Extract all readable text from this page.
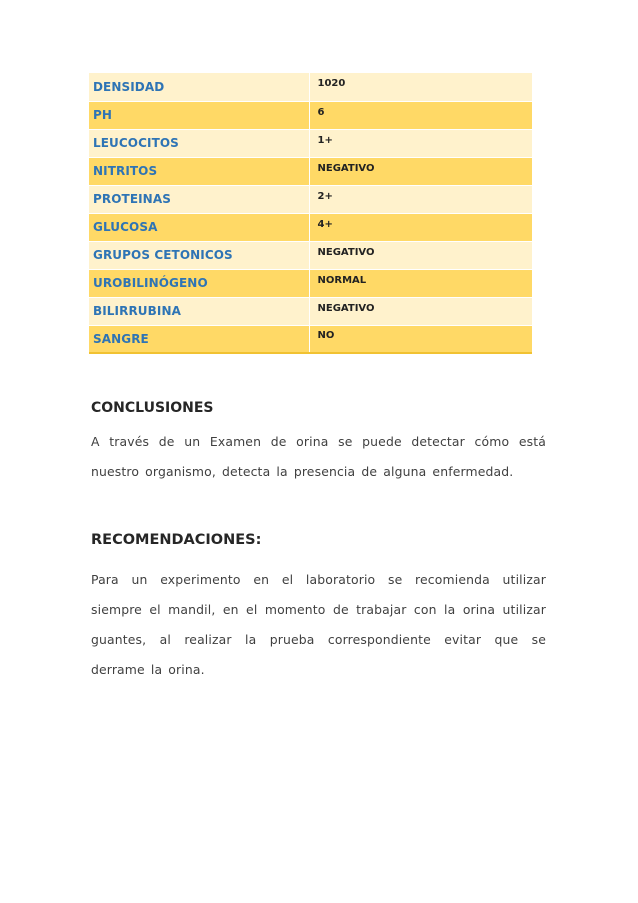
DENSIDAD	1020
PH	6
LEUCOCITOS	1+
NITRITOS	NEGATIVO
PROTEINAS	2+
GLUCOSA	4+
GRUPOS CETONICOS	NEGATIVO
UROBILINÓGENO	NORMAL
BILIRRUBINA	NEGATIVO
SANGRE	NO
CONCLUSIONES

A través de un Examen de orina se puede detectar cómo está nuestro organismo, detecta la presencia de alguna enfermedad.

RECOMENDACIONES:

Para un experimento en el laboratorio se recomienda utilizar siempre el mandil, en el momento de trabajar con la orina utilizar guantes, al realizar la prueba correspondiente evitar que se derrame la orina.
